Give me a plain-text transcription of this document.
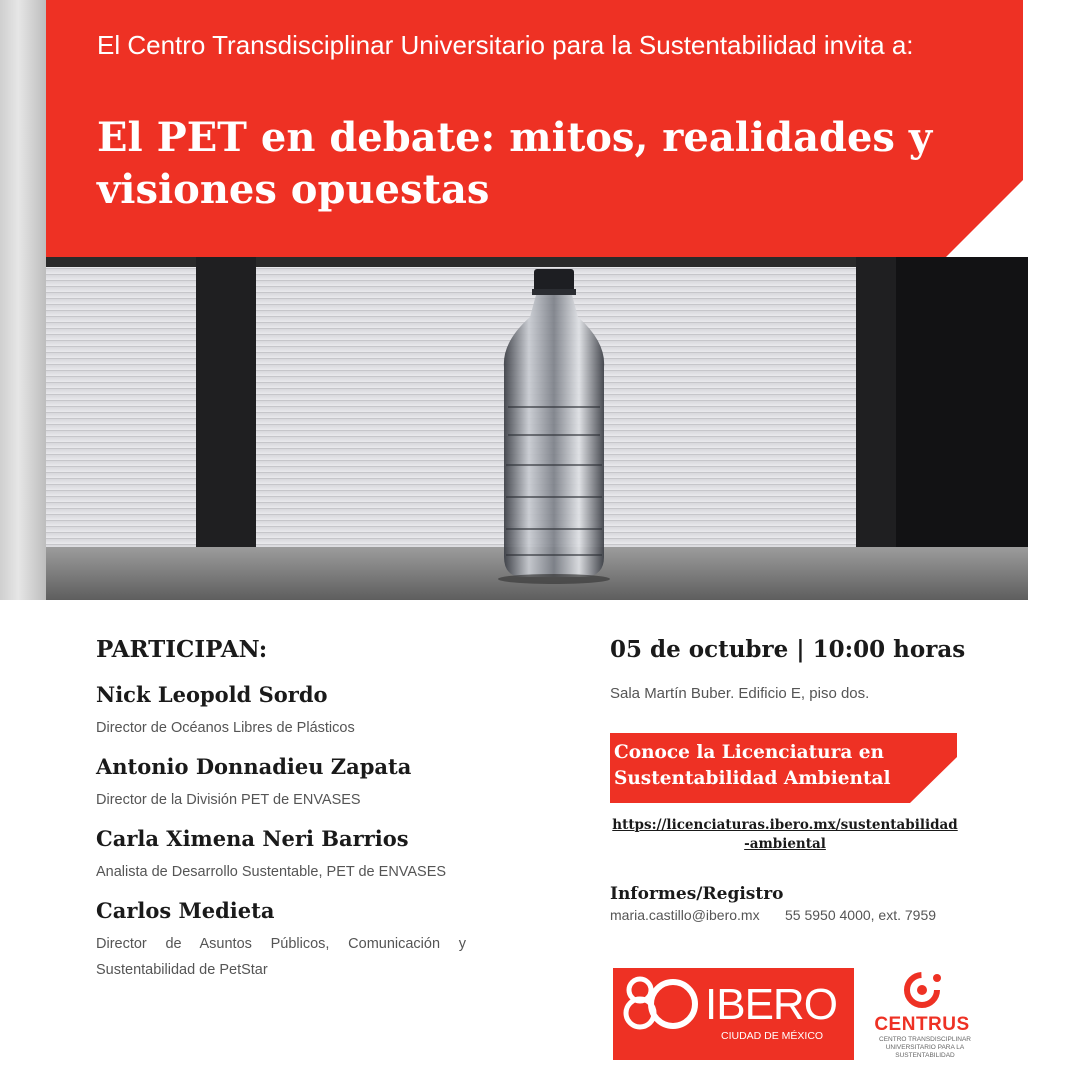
El Centro Transdisciplinar Universitario para la Sustentabilidad invita a:
El PET en debate: mitos, realidades y visiones opuestas
PARTICIPAN:
Nick Leopold Sordo
Director de Océanos Libres de Plásticos
Antonio Donnadieu Zapata
Director de la División PET de ENVASES
Carla Ximena Neri Barrios
Analista de Desarrollo Sustentable, PET de ENVASES
Carlos Medieta
Director de Asuntos Públicos, Comunicación y Sustentabilidad de PetStar
05 de octubre | 10:00 horas
Sala Martín Buber. Edificio E, piso dos.
Conoce la Licenciatura en Sustentabilidad Ambiental
https://licenciaturas.ibero.mx/sustentabilidad-ambiental
Informes/Registro
maria.castillo@ibero.mx 55 5950 4000, ext. 7959
IBERO
CIUDAD DE MÉXICO
CENTRUS
CENTRO TRANSDISCIPLINAR UNIVERSITARIO PARA LA SUSTENTABILIDAD
